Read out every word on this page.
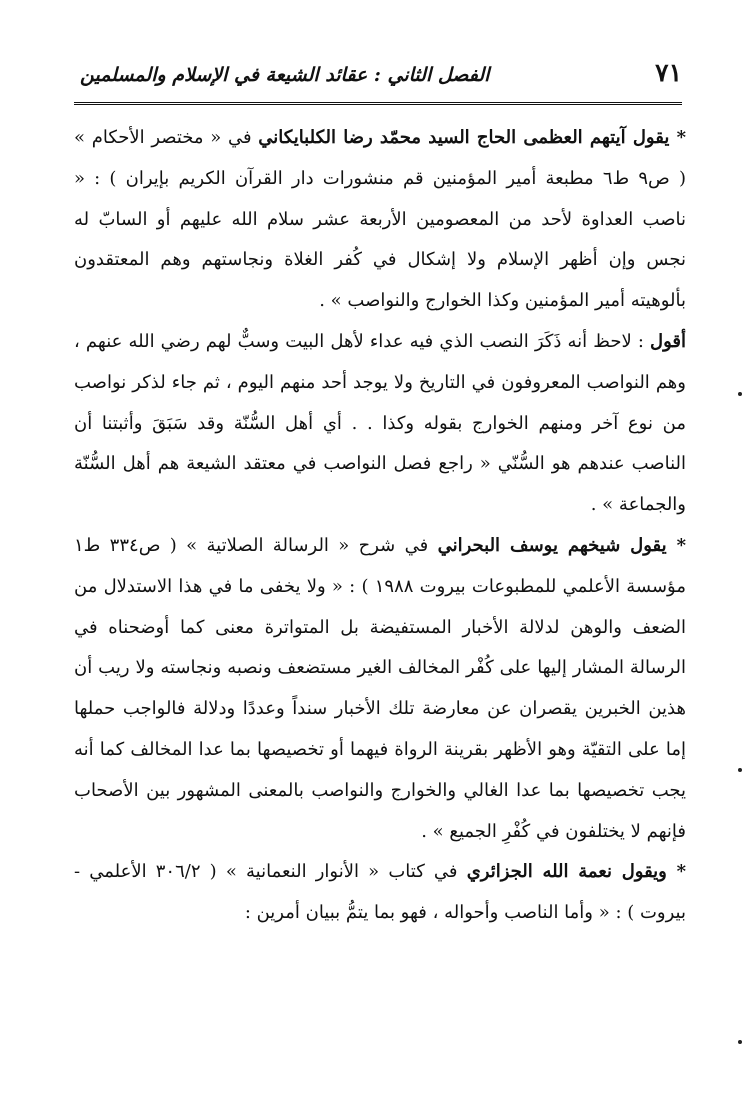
٧١
الفصل الثاني : عقائد الشيعة في الإسلام والمسلمين

* يقول آيتهم العظمى الحاج السيد محمّد رضا الكلبايكاني في « مختصر الأحكام » ( ص٩ ط٦ مطبعة أمير المؤمنين قم منشورات دار القرآن الكريم بإيران ) : « ناصب العداوة لأحد من المعصومين الأربعة عشر سلام الله عليهم أو السابّ له نجس وإن أظهر الإسلام ولا إشكال في كُفر الغلاة ونجاستهم وهم المعتقدون بألوهيته أمير المؤمنين وكذا الخوارج والنواصب » .

أقول : لاحظ أنه ذَكَرَ النصب الذي فيه عداء لأهل البيت وسبٌّ لهم رضي الله عنهم ، وهم النواصب المعروفون في التاريخ ولا يوجد أحد منهم اليوم ، ثم جاء لذكر نواصب من نوع آخر ومنهم الخوارج بقوله وكذا . . أي أهل السُّنّة وقد سَبَقَ وأثبتنا أن الناصب عندهم هو السُّنّي « راجع فصل النواصب في معتقد الشيعة هم أهل السُّنّة والجماعة » .

* يقول شيخهم يوسف البحراني في شرح « الرسالة الصلاتية » ( ص٣٣٤ ط١ مؤسسة الأعلمي للمطبوعات بيروت ١٩٨٨ ) : « ولا يخفى ما في هذا الاستدلال من الضعف والوهن لدلالة الأخبار المستفيضة بل المتواترة معنى كما أوضحناه في الرسالة المشار إليها على كُفْر المخالف الغير مستضعف ونصبه ونجاسته ولا ريب أن هذين الخبرين يقصران عن معارضة تلك الأخبار سنداً وعددًا ودلالة فالواجب حملها إما على التقيّة وهو الأظهر بقرينة الرواة فيهما أو تخصيصها بما عدا المخالف كما أنه يجب تخصيصها بما عدا الغالي والخوارج والنواصب بالمعنى المشهور بين الأصحاب فإنهم لا يختلفون في كُفْرِ الجميع » .

* ويقول نعمة الله الجزائري في كتاب « الأنوار النعمانية » ( ٣٠٦/٢ الأعلمي - بيروت ) : « وأما الناصب وأحواله ، فهو بما يتمُّ ببيان أمرين :
